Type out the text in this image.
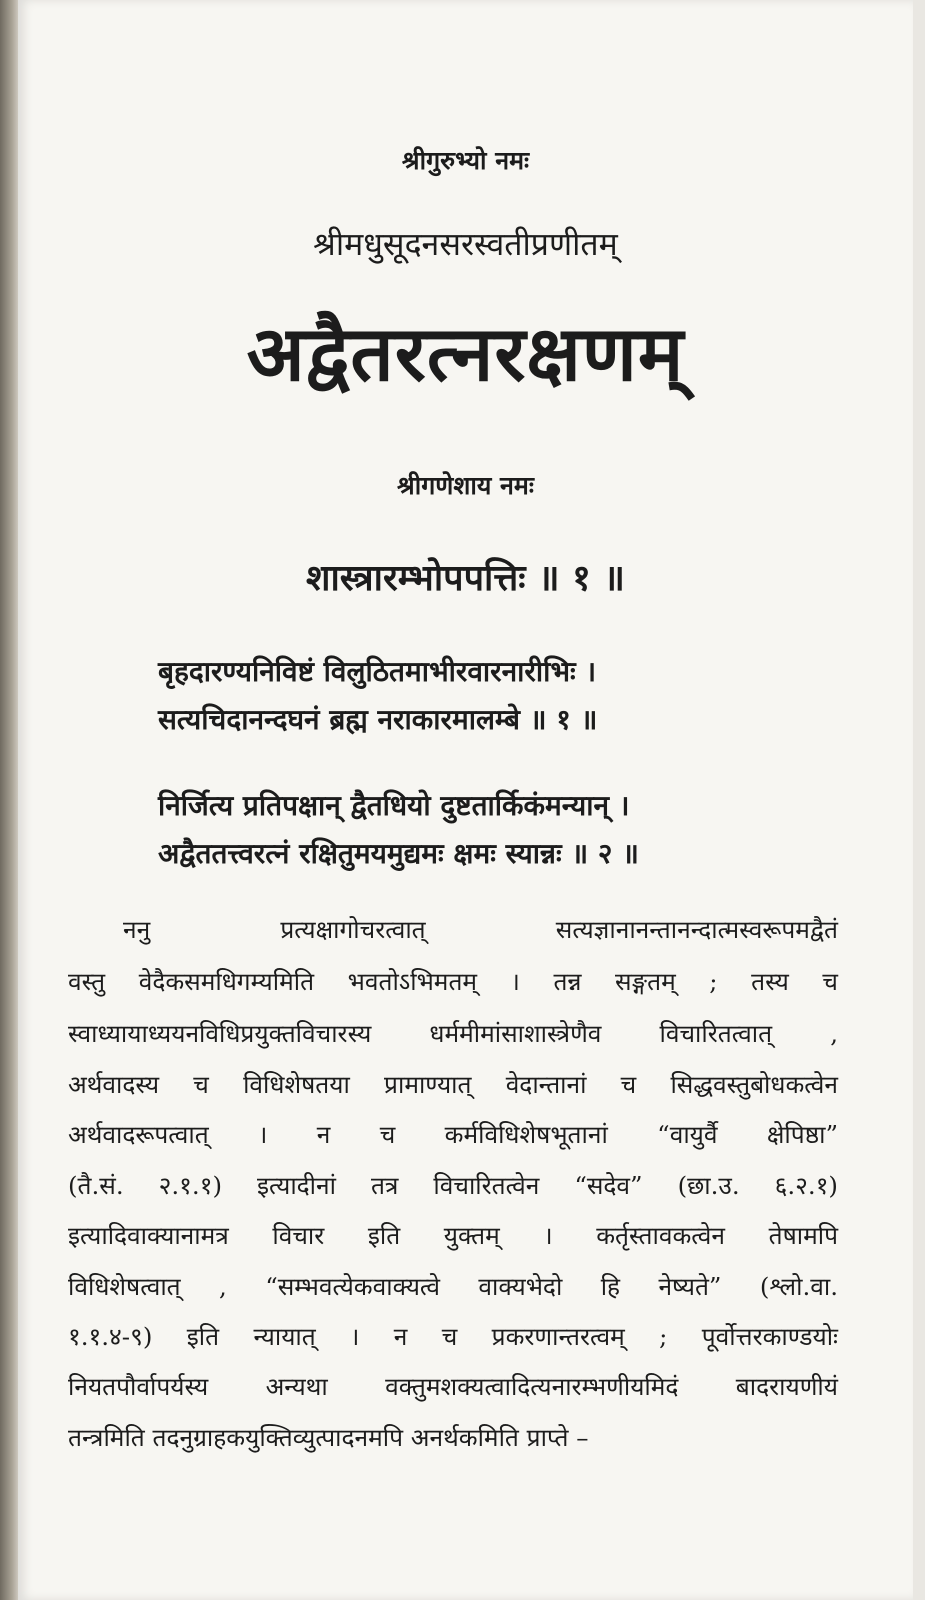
श्रीगुरुभ्यो नमः
श्रीमधुसूदनसरस्वतीप्रणीतम्
अद्वैतरत्नरक्षणम्
श्रीगणेशाय नमः
शास्त्रारम्भोपपत्तिः ॥ १ ॥
बृहदारण्यनिविष्टं विलुठितमाभीरवारनारीभिः ।
सत्यचिदानन्दघनं ब्रह्म नराकारमालम्बे ॥ १ ॥
निर्जित्य प्रतिपक्षान् द्वैतधियो दुष्टतार्किकंमन्यान् ।
अद्वैततत्त्वरत्नं रक्षितुमयमुद्यमः क्षमः स्यान्नः ॥ २ ॥
ननु प्रत्यक्षागोचरत्वात् सत्यज्ञानानन्तानन्दात्मस्वरूपमद्वैतं
वस्तु वेदैकसमधिगम्यमिति भवतोऽभिमतम् । तन्न सङ्गतम् ; तस्य च
स्वाध्यायाध्ययनविधिप्रयुक्तविचारस्य धर्ममीमांसाशास्त्रेणैव विचारितत्वात् ,
अर्थवादस्य च विधिशेषतया प्रामाण्यात् वेदान्तानां च सिद्धवस्तुबोधकत्वेन
अर्थवादरूपत्वात् । न च कर्मविधिशेषभूतानां “वायुर्वै क्षेपिष्ठा”
(तै.सं. २.१.१) इत्यादीनां तत्र विचारितत्वेन “सदेव” (छा.उ. ६.२.१)
इत्यादिवाक्यानामत्र विचार इति युक्तम् । कर्तृस्तावकत्वेन तेषामपि
विधिशेषत्वात् , “सम्भवत्येकवाक्यत्वे वाक्यभेदो हि नेष्यते” (श्लो.वा.
१.१.४-९) इति न्यायात् । न च प्रकरणान्तरत्वम् ; पूर्वोत्तरकाण्डयोः
नियतपौर्वापर्यस्य अन्यथा वक्तुमशक्यत्वादित्यनारम्भणीयमिदं बादरायणीयं
तन्त्रमिति तदनुग्राहकयुक्तिव्युत्पादनमपि अनर्थकमिति प्राप्ते –
